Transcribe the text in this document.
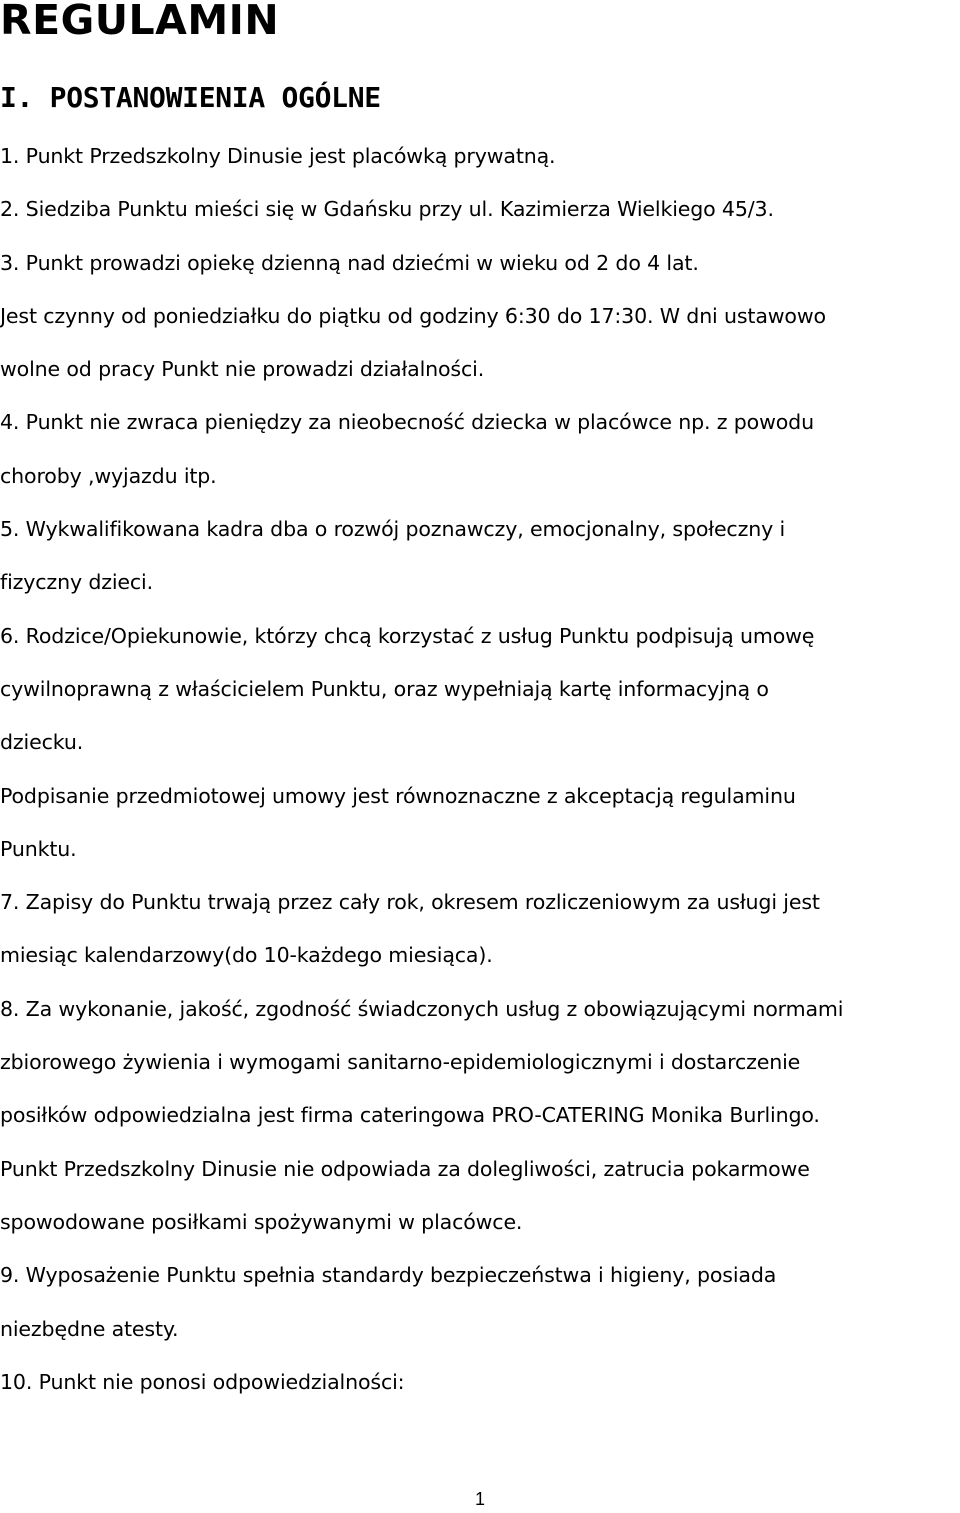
REGULAMIN
I. POSTANOWIENIA OGÓLNE

1. Punkt Przedszkolny Dinusie jest placówką prywatną.

2. Siedziba Punktu mieści się w Gdańsku przy ul. Kazimierza Wielkiego 45/3.

3. Punkt prowadzi opiekę dzienną nad dziećmi w wieku od 2 do 4 lat.

Jest czynny od poniedziałku do piątku od godziny 6:30 do 17:30. W dni ustawowo

wolne od pracy Punkt nie prowadzi działalności.

4. Punkt nie zwraca pieniędzy za nieobecność dziecka w placówce np. z powodu

choroby ,wyjazdu itp.

5. Wykwalifikowana kadra dba o rozwój poznawczy, emocjonalny, społeczny i

fizyczny dzieci.

6. Rodzice/Opiekunowie, którzy chcą korzystać z usług Punktu podpisują umowę

cywilnoprawną z właścicielem Punktu, oraz wypełniają kartę informacyjną o

dziecku.

Podpisanie przedmiotowej umowy jest równoznaczne z akceptacją regulaminu

Punktu.

7. Zapisy do Punktu trwają przez cały rok, okresem rozliczeniowym za usługi jest

miesiąc kalendarzowy(do 10-każdego miesiąca).

8. Za wykonanie, jakość, zgodność świadczonych usług z obowiązującymi normami

zbiorowego żywienia i wymogami sanitarno-epidemiologicznymi i dostarczenie

posiłków odpowiedzialna jest firma cateringowa PRO-CATERING Monika Burlingo.

Punkt Przedszkolny Dinusie nie odpowiada za dolegliwości, zatrucia pokarmowe

spowodowane posiłkami spożywanymi w placówce.

9. Wyposażenie Punktu spełnia standardy bezpieczeństwa i higieny, posiada

niezbędne atesty.

10. Punkt nie ponosi odpowiedzialności:

1
